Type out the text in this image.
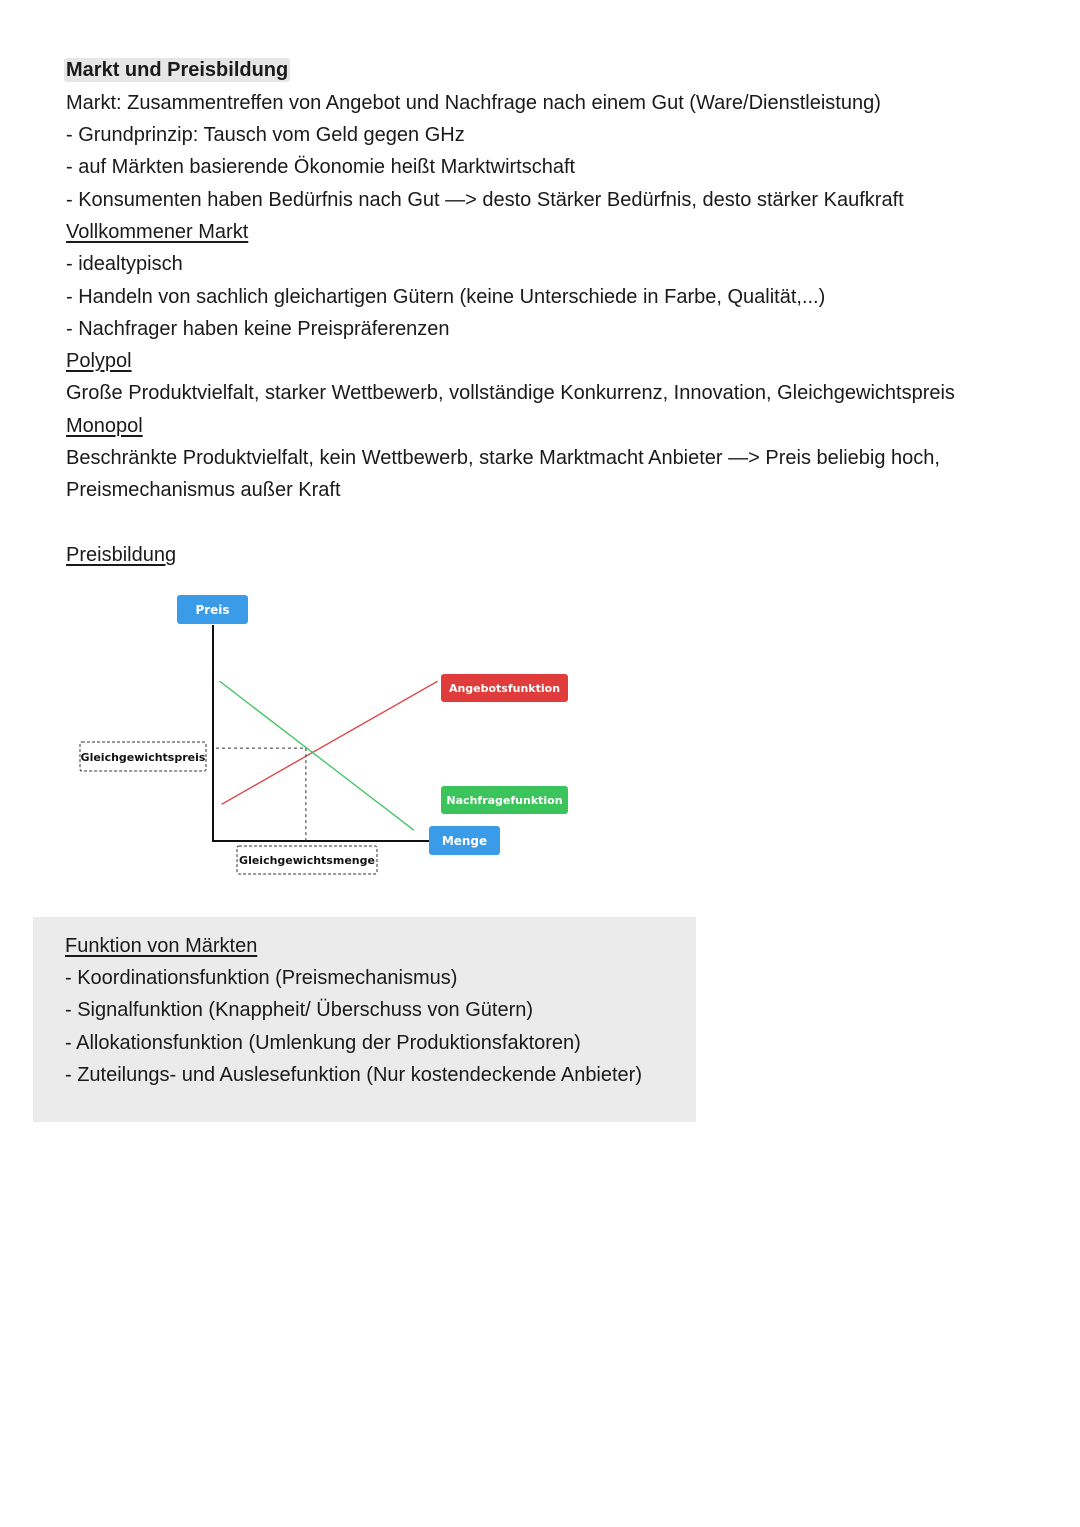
Markt und Preisbildung

Markt: Zusammentreffen von Angebot und Nachfrage nach einem Gut (Ware/Dienstleistung)

- Grundprinzip: Tausch vom Geld gegen GHz

- auf Märkten basierende Ökonomie heißt Marktwirtschaft

- Konsumenten haben Bedürfnis nach Gut —> desto Stärker Bedürfnis, desto stärker Kaufkraft

Vollkommener Markt

- idealtypisch

- Handeln von sachlich gleichartigen Gütern (keine Unterschiede in Farbe, Qualität,...)

- Nachfrager haben keine Preispräferenzen

Polypol

Große Produktvielfalt, starker Wettbewerb, vollständige Konkurrenz, Innovation, Gleichgewichtspreis

Monopol

Beschränkte Produktvielfalt, kein Wettbewerb, starke Marktmacht Anbieter —> Preis beliebig hoch,

Preismechanismus außer Kraft

Preisbildung

Preis
Menge
Angebotsfunktion
Nachfragefunktion
Gleichgewichtspreis
Gleichgewichtsmenge

Funktion von Märkten

- Koordinationsfunktion (Preismechanismus)

- Signalfunktion (Knappheit/ Überschuss von Gütern)

- Allokationsfunktion (Umlenkung der Produktionsfaktoren)

- Zuteilungs- und Auslesefunktion (Nur kostendeckende Anbieter)
